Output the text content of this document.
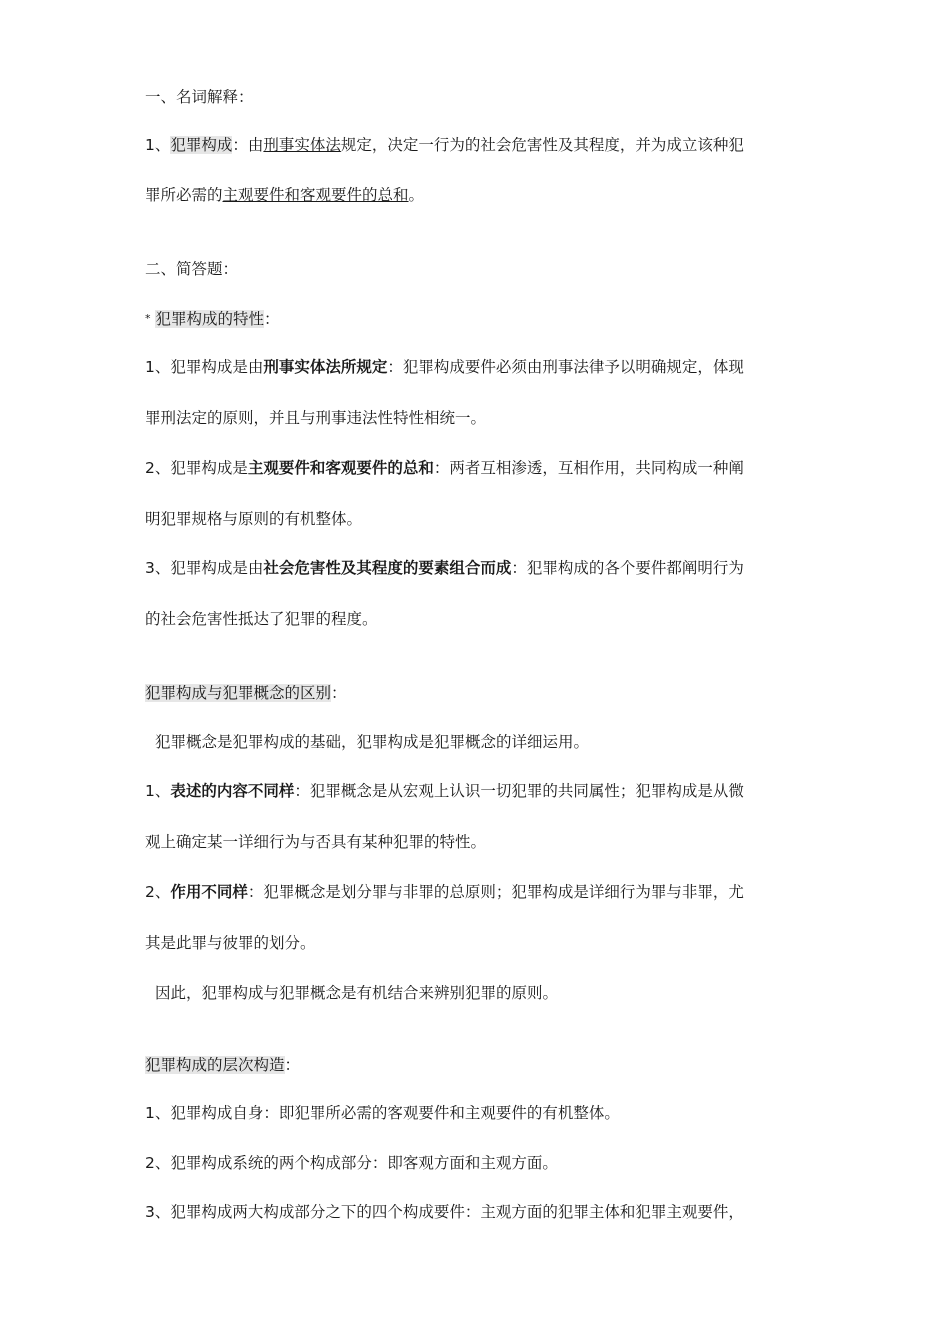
一、名词解释：
1、犯罪构成：由刑事实体法规定，决定一行为的社会危害性及其程度，并为成立该种犯
罪所必需的主观要件和客观要件的总和。
二、简答题：
* 犯罪构成的特性：
1、犯罪构成是由刑事实体法所规定：犯罪构成要件必须由刑事法律予以明确规定，体现
罪刑法定的原则，并且与刑事违法性特性相统一。
2、犯罪构成是主观要件和客观要件的总和：两者互相渗透，互相作用，共同构成一种阐
明犯罪规格与原则的有机整体。
3、犯罪构成是由社会危害性及其程度的要素组合而成：犯罪构成的各个要件都阐明行为
的社会危害性抵达了犯罪的程度。
犯罪构成与犯罪概念的区别：
犯罪概念是犯罪构成的基础，犯罪构成是犯罪概念的详细运用。
1、表述的内容不同样：犯罪概念是从宏观上认识一切犯罪的共同属性；犯罪构成是从微
观上确定某一详细行为与否具有某种犯罪的特性。
2、作用不同样：犯罪概念是划分罪与非罪的总原则；犯罪构成是详细行为罪与非罪，尤
其是此罪与彼罪的划分。
因此，犯罪构成与犯罪概念是有机结合来辨别犯罪的原则。
犯罪构成的层次构造：
1、犯罪构成自身：即犯罪所必需的客观要件和主观要件的有机整体。
2、犯罪构成系统的两个构成部分：即客观方面和主观方面。
3、犯罪构成两大构成部分之下的四个构成要件：主观方面的犯罪主体和犯罪主观要件，
